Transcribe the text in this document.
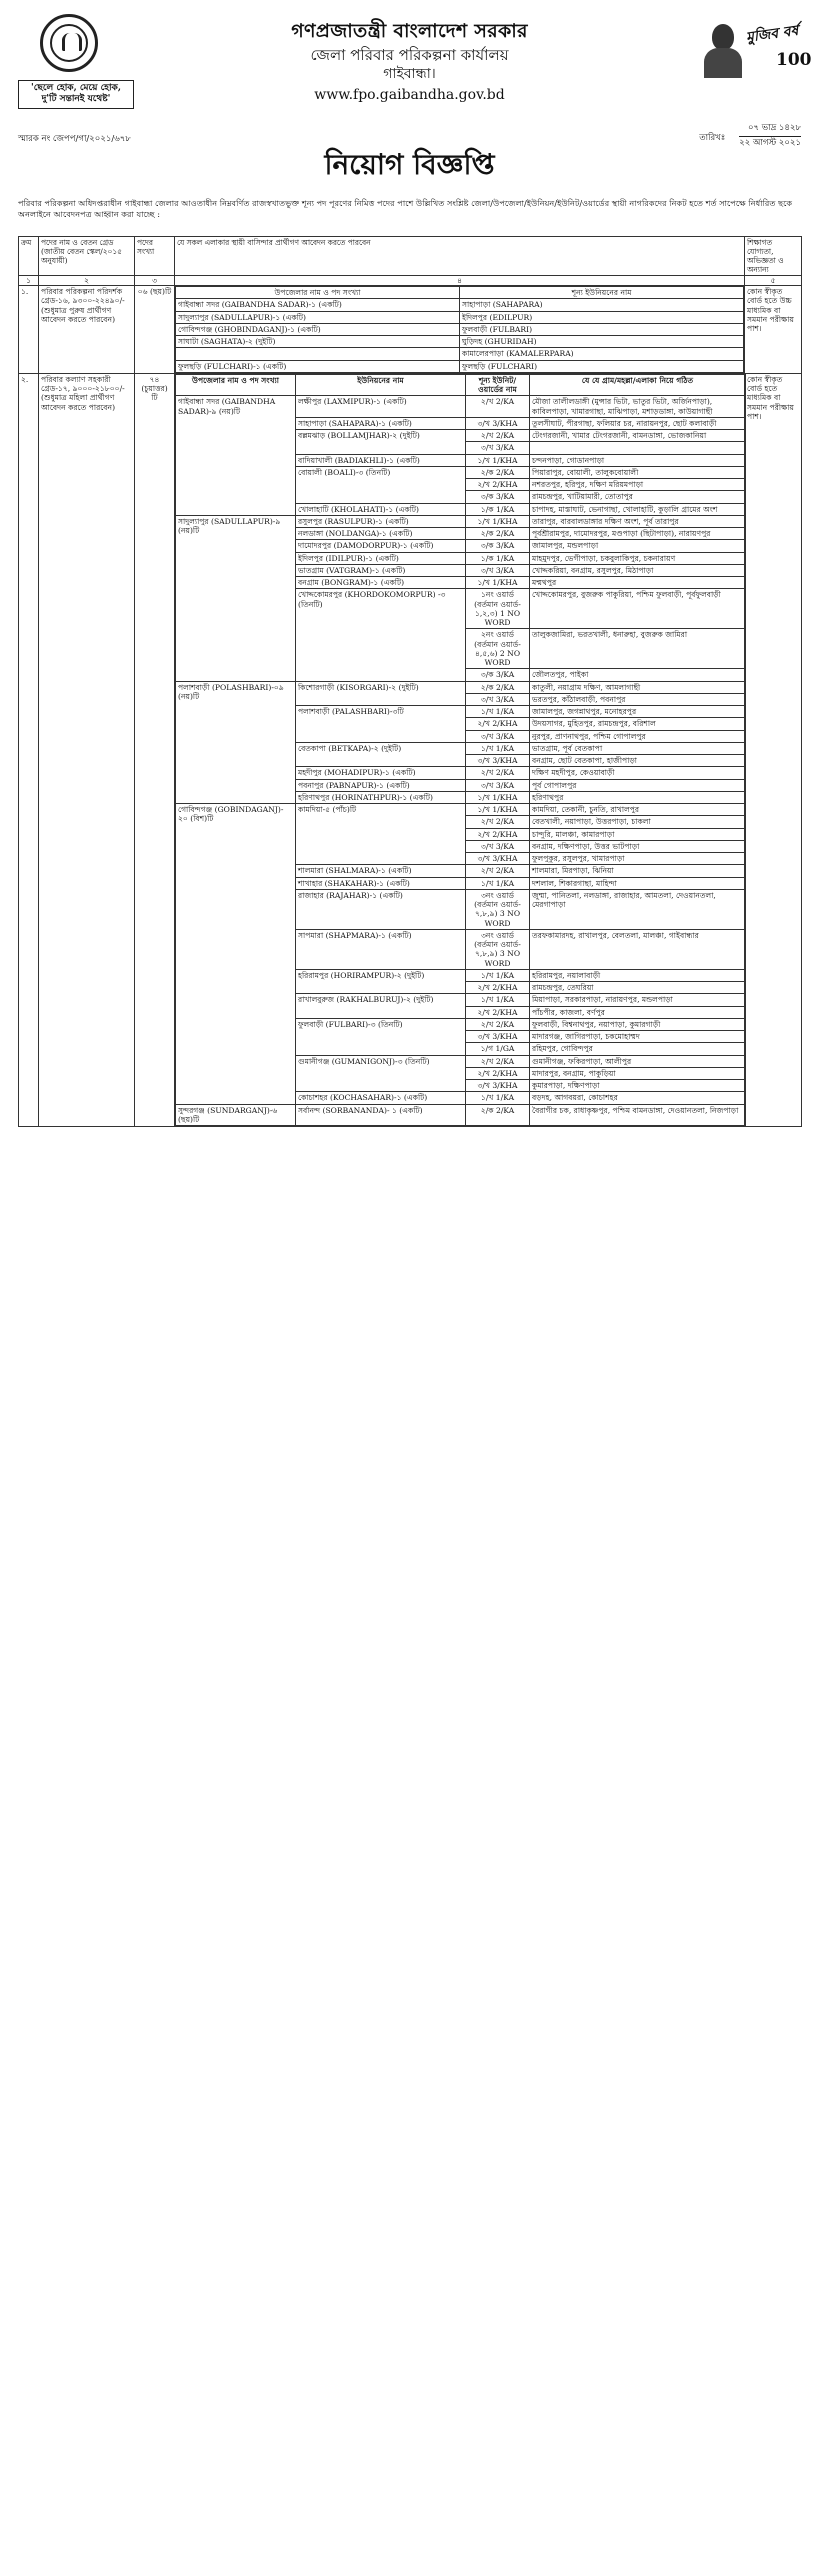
'ছেলে হোক, মেয়ে হোক, দু'টি সন্তানই যথেষ্ট'
গণপ্রজাতন্ত্রী বাংলাদেশ সরকার
জেলা পরিবার পরিকল্পনা কার্যালয়
গাইবান্ধা।
www.fpo.gaibandha.gov.bd
মুজিব বর্ষ
100
স্মারক নং জেপপ/গা/২০২১/৬৭৮	তারিখঃ
০৭ ভাদ্র ১৪২৮
২২ আগস্ট ২০২১
নিয়োগ বিজ্ঞপ্তি
পরিবার পরিকল্পনা অধিদপ্তরাধীন গাইবান্ধা জেলার আওতাধীন নিম্নবর্ণিত রাজস্বখাতভুক্ত শূন্য পদ পূরণের নিমিত্ত পদের পাশে উল্লিখিত সংশ্লিষ্ট জেলা/উপজেলা/ইউনিয়ন/ইউনিট/ওয়ার্ডের স্থায়ী নাগরিকদের নিকট হতে শর্ত সাপেক্ষে নির্ধারিত ছকে অনলাইনে আবেদনপত্র আহ্বান করা যাচ্ছে :
ক্রম	পদের নাম ও বেতন গ্রেড (জাতীয় বেতন স্কেল/২০১৫ অনুযায়ী)	পদের সংখ্যা	যে সকল এলাকার স্থায়ী বাসিন্দার প্রার্থীগণ আবেদন করতে পারবেন	শিক্ষাগত যোগ্যতা, অভিজ্ঞতা ও অন্যান্য
১	২	৩	৪	৫
১.	পরিবার পরিকল্পনা পরিদর্শক গ্রেড-১৬, ৯৩০০-২২৪৯০/- (শুধুমাত্র পুরুষ প্রার্থীগণ আবেদন করতে পারবেন)	০৬ (ছয়)টি		উপজেলার নাম ও পদ সংখ্যা	শূন্য ইউনিয়নের নাম
গাইবান্ধা সদর (GAIBANDHA SADAR)-১ (একটি)	সাহাপাড়া (SAHAPARA)
সাদুল্যাপুর (SADULLAPUR)-১ (একটি)	ইদিলপুর (EDILPUR)
গোবিন্দগঞ্জ (GHOBINDAGANJ)-১ (একটি)	ফুলবাড়ী (FULBARI)
সাঘাটা (SAGHATA)-২ (দুইটি)	ঘুড়িদহ (GHURIDAH)
	কামালেরপাড়া (KAMALERPARA)
ফুলছড়ি (FULCHARI)-১ (একটি)	ফুলছড়ি (FULCHARI)
	কোন স্বীকৃত বোর্ড হতে উচ্চ মাধ্যমিক বা সমমান পরীক্ষায় পাশ।
২.	পরিবার কল্যাণ সহকারী গ্রেড-১৭, ৯০০০-২১৮০০/- (শুধুমাত্র মহিলা প্রার্থীগণ আবেদন করতে পারবেন)	৭৪ (চুয়াত্তর) টি	
উপজেলার নাম ও পদ সংখ্যা	ইউনিয়নের নাম	শূন্য ইউনিট/ওয়ার্ডের নাম	যে যে গ্রাম/মহল্লা/এলাকা নিয়ে গঠিত
গাইবান্ধা সদর (GAIBANDHA SADAR)-৯ (নয়)টি	লক্ষীপুর (LAXMIPUR)-১ (একটি)	২/খ 2/KA	মৌজা তালীলডাঙ্গী (মুন্সার ভিটা, ভাতুর ভিটা, অৰ্জিনপাড়া), কাবিলপাড়া, খামারগাছা, মাঝিপাড়া, মশাড়ডাঙ্গা, কাউয়াগাছী
সাহাপাড়া (SAHAPARA)-১ (একটি)	৩/খ 3/KHA	তুলসীঘাট, পীরগাছা, ফলিয়ার চর, নারায়নপুর, ছোট কলাবাড়ী
বল্লমঝাড় (BOLLAMJHAR)-২ (দুইটি)	২/খ 2/KA	টেংগরজানী, খামার টেংগরজানী, বামনডাঙ্গা, ভোজকানিয়া
৩/খ 3/KA	
বাদিয়াখালী (BADIAKHLI)-১ (একটি)	১/খ 1/KHA	চন্দনপাড়া, গোডানপাড়া
বোয়ালী (BOALI)-৩ (তিনটি)	২/ক 2/KA	পিয়ারাপুর, বোয়ালী, তালুকবোয়ালী
২/খ 2/KHA	নশরতপুর, হরিপুর, দক্ষিণ মরিয়মপাড়া
৩/ক 3/KA	রামচন্দ্রপুর, খাটিয়ামারী, তোতাপুর
খোলাহাটি (KHOLAHATI)-১ (একটি)	১/ক 1/KA	চাপাদহ, মাস্তাঘাট, ভেনাগাছা, খোলাহাটি, কুড়ালি গ্রামের অংশ
সাদুল্যাপুর (SADULLAPUR)-৯ (নয়)টি	রসুলপুর (RASULPUR)-১ (একটি)	১/খ 1/KHA	তারাপুর, বারবালডাঙ্গার দক্ষিণ অংশ, পূর্ব তারাপুর
নলডাঙ্গা (NOLDANGA)-১ (একটি)	২/ক 2/KA	পূর্বশ্রীরামপুর, দামোদরপুর, মণ্ডপাড়া (ছিটাপাড়া), নারায়ণপুর
দামোদরপুর (DAMODORPUR)-১ (একটি)	৩/ক 3/KA	জামালপুর, মন্ডলপাড়া
ইদিলপুর (IDILPUR)-১ (একটি)	১/ক 1/KA	মাহমুদপুর, ভেগীপাড়া, চকবুলাকিপুর, চকনারায়ণ
ভাতগ্রাম (VATGRAM)-১ (একটি)	৩/খ 3/KA	খোদ্দকরিয়া, বনগ্রাম, রসুলপুর, মিঠাপাড়া
বনগ্রাম (BONGRAM)-১ (একটি)	১/খ 1/KHA	মন্মথপুর
খোদ্দকোমরপুর (KHORDOKOMORPUR) -৩ (তিনটি)	১নং ওয়ার্ড (বর্তমান ওয়ার্ড- ১,২,৩) 1 NO WORD	খোদ্দকোমরপুর, বুজরুক পাকুরিয়া, পশ্চিম ফুলবাড়ী, পূর্বফুলবাড়ী
২নং ওয়ার্ড (বর্তমান ওয়ার্ড- ৪,৫,৬) 2 NO WORD	তালুকজামিরা, ভরতখালী, ধনারুহা, বুজরুক জামিরা
৩/ক 3/KA	জৌলতপুর, পাইকা
পলাশবাড়ী (POLASHBARI)-০৯ (নয়)টি	কিশোরগাড়ী (KISORGARI)-২ (দুইটি)	২/ক 2/KA	কাতুলী, নয়াগ্রাম দক্ষিণ, আমলাগাছী
৩/খ 3/KA	ভরতপুর, কাঁঠালবাড়ী, পবনাপুর
পলাশবাড়ী (PALASHBARI)-৩টি	১/খ 1/KA	জামালপুর, জগন্নাথপুর, মনোহরপুর
২/খ 2/KHA	উদয়সাগর, মুহিতপুর, রামচন্দ্রপুর, বরিশাল
৩/খ 3/KA	নুরপুর, প্রাণনাথপুর, পশ্চিম গোপালপুর
বেতকাপা (BETKAPA)-২ (দুইটি)	১/খ 1/KA	ভাতগ্রাম, পূর্ব বেতকাপা
৩/খ 3/KHA	বনগ্রাম, ছোট বেতকাপা, হাজীপাড়া
মহদীপুর (MOHADIPUR)-১ (একটি)	২/খ 2/KA	দক্ষিণ মহদীপুর, কেওয়াবাড়ী
পবনাপুর (PABNAPUR)-১ (একটি)	৩/খ 3/KA	পূর্ব গোপালপুর
হরিণাথপুর (HORINATHPUR)-১ (একটি)	১/খ 1/KHA	হরিণাথপুর
গোবিন্দগঞ্জ (GOBINDAGANJ)- ২০ (বিশ)টি	কামদিয়া-৫ (পাঁচ)টি	১/খ 1/KHA	কামদিয়া, তেকানী, চুনতি, রাখালপুর
২/খ 2/KA	বেতখালী, নয়াপাড়া, উত্তরপাড়া, চাকলা
২/খ 2/KHA	চান্দুরি, মালঞ্চা, কামারপাড়া
৩/খ 3/KA	বনগ্রাম, দক্ষিণপাড়া, উত্তর ভাটপাড়া
৩/খ 3/KHA	ফুলপুকুর, রসুলপুর, খামারপাড়া
শালমারা (SHALMARA)-১ (একটি)	২/খ 2/KA	শালমারা, মিরপাড়া, ঝিনিয়া
শাখাহার (SHAKAHAR)-১ (একটি)	১/খ 1/KA	দশলাল, শিকারগাছা, মাহিন্দা
রাজাহার (RAJAHAR)-১ (একটি)	৩নং ওয়ার্ড (বর্তমান ওয়ার্ড- ৭,৮,৯) 3 NO WORD	জুম্মা, পানিতলা, নলডাঙ্গা, রাজাহার, আমতলা, দেওয়ানতলা, মেরগাপাড়া
সাপমারা (SHAPMARA)-১ (একটি)	৩নং ওয়ার্ড (বর্তমান ওয়ার্ড- ৭,৮,৯) 3 NO WORD	তরফকামারদহ, রাখালপুর, বেলতলা, মালঞ্চা, গাইবান্ধার
হরিরামপুর (HORIRAMPUR)-২ (দুইটি)	১/খ 1/KA	হরিরামপুর, নয়ালাবাড়ী
২/খ 2/KHA	রামচন্দ্রপুর, তেঘরিয়া
রাখালবুরুজ (RAKHALBURUJ)-২ (দুইটি)	১/খ 1/KA	মিয়াপাড়া, সরকারপাড়া, নারায়ণপুর, মন্ডলপাড়া
২/খ 2/KHA	পাঁচপীর, কাজলা, বর্ণপুর
ফুলবাড়ী (FULBARI)-৩ (তিনটি)	২/খ 2/KA	ফুলবাড়ী, বিশ্বনাথপুর, নয়াপাড়া, কুমারগাড়ী
৩/খ 3/KHA	মাদারগঞ্জ, জাগিরপাড়া, চকমোহাম্মদ
১/গ 1/GA	রহিমপুর, গোবিন্দপুর
গুমানীগঞ্জ (GUMANIGONJ)-৩ (তিনটি)	২/খ 2/KA	গুমানীগঞ্জ, ফকিরপাড়া, আলীপুর
২/খ 2/KHA	মাদারপুর, বনগ্রাম, পাকুড়িয়া
৩/খ 3/KHA	কুমারপাড়া, দক্ষিণপাড়া
কোচাশহর (KOCHASAHAR)-১ (একটি)	১/খ 1/KA	বড়দহ, আগবয়রা, কোচাশহর
সুন্দরগঞ্জ (SUNDARGANJ)-৬ (ছয়)টি	সর্বানন্দ (SORBANANDA)- ১ (একটি)	২/ক 2/KA	বৈরাগীর চক, রাধাকৃষ্ণপুর, পশ্চিম বামনডাঙ্গা, দেওয়ানতলা, নিজপাড়া
	কোন স্বীকৃত বোর্ড হতে মাধ্যমিক বা সমমান পরীক্ষায় পাশ।
